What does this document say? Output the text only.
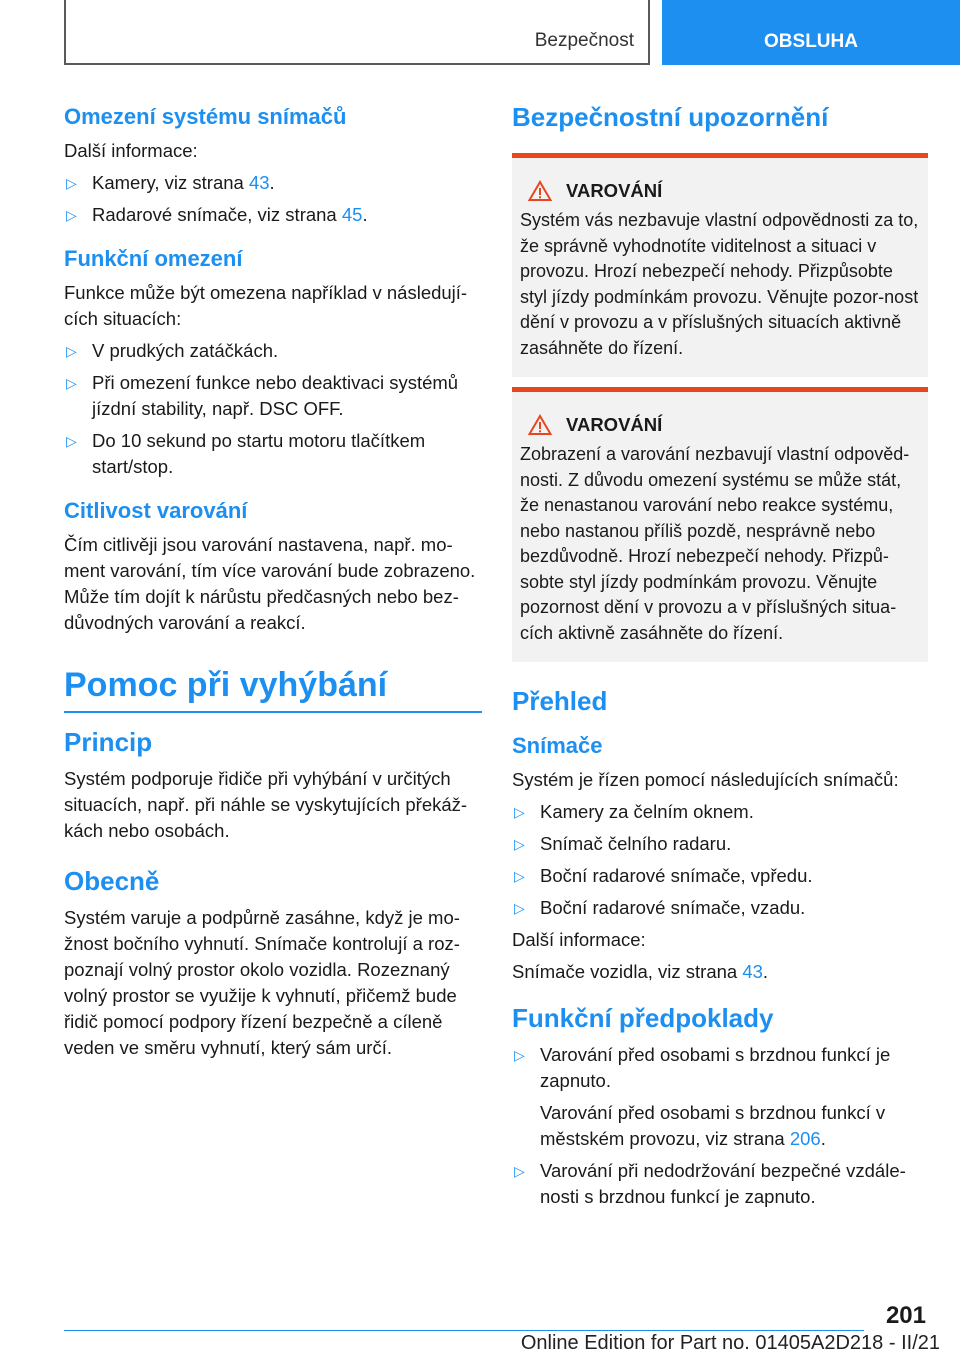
Bezpečnost	OBSLUHA
Omezení systému snímačů

Další informace:

▷ Kamery, viz strana 43.
▷ Radarové snímače, viz strana 45.
Funkční omezení

Funkce může být omezena například v následují-cích situacích:

▷ V prudkých zatáčkách.
▷ Při omezení funkce nebo deaktivaci systémů jízdní stability, např. DSC OFF.
▷ Do 10 sekund po startu motoru tlačítkem start/stop.
Citlivost varování

Čím citlivěji jsou varování nastavena, např. mo-ment varování, tím více varování bude zobrazeno. Může tím dojít k nárůstu předčasných nebo bez-důvodných varování a reakcí.

Pomoc při vyhýbání
Princip

Systém podporuje řidiče při vyhýbání v určitých situacích, např. při náhle se vyskytujících překáž-kách nebo osobách.

Obecně

Systém varuje a podpůrně zasáhne, když je mo-žnost bočního vyhnutí. Snímače kontrolují a roz-poznají volný prostor okolo vozidla. Rozeznaný volný prostor se využije k vyhnutí, přičemž bude řidič pomocí podpory řízení bezpečně a cíleně veden ve směru vyhnutí, který sám určí.

Bezpečnostní upozornění
VAROVÁNÍ

Systém vás nezbavuje vlastní odpovědnosti za to, že správně vyhodnotíte viditelnost a situaci v provozu. Hrozí nebezpečí nehody. Přizpůsobte styl jízdy podmínkám provozu. Věnujte pozor-nost dění v provozu a v příslušných situacích aktivně zasáhněte do řízení.

VAROVÁNÍ

Zobrazení a varování nezbavují vlastní odpověd-nosti. Z důvodu omezení systému se může stát, že nenastanou varování nebo reakce systému, nebo nastanou příliš pozdě, nesprávně nebo bezdůvodně. Hrozí nebezpečí nehody. Přizpů-sobte styl jízdy podmínkám provozu. Věnujte pozornost dění v provozu a v příslušných situa-cích aktivně zasáhněte do řízení.

Přehled
Snímače

Systém je řízen pomocí následujících snímačů:

▷ Kamery za čelním oknem.
▷ Snímač čelního radaru.
▷ Boční radarové snímače, vpředu.
▷ Boční radarové snímače, vzadu.

Další informace:

Snímače vozidla, viz strana 43.

Funkční předpoklady
▷ Varování před osobami s brzdnou funkcí je zapnuto.
Varování před osobami s brzdnou funkcí v městském provozu, viz strana 206.
▷ Varování při nedodržování bezpečné vzdále-nosti s brzdnou funkcí je zapnuto.
201
Online Edition for Part no. 01405A2D218 - II/21
